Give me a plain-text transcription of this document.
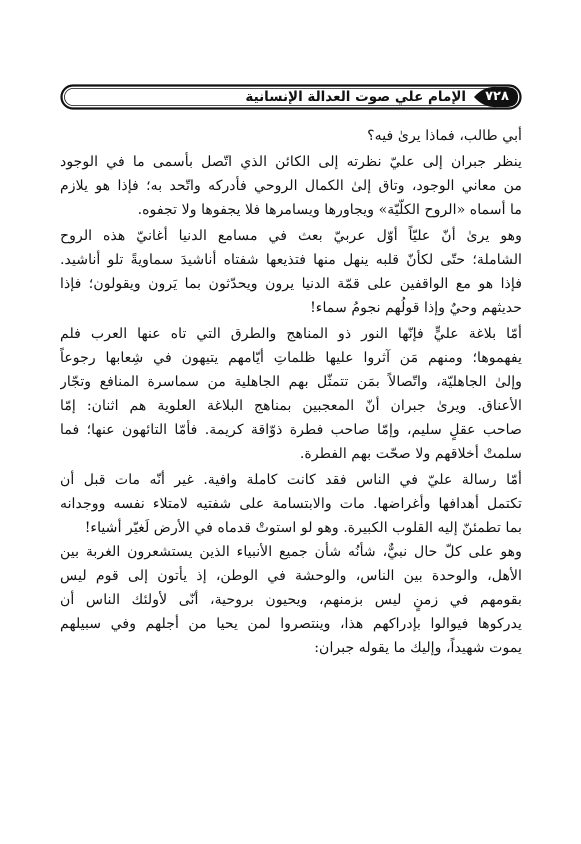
٧٢٨
الإمام علي صوت العدالة الإنسانية

أبي طالب، فماذا يرىٰ فيه؟

ينظر جبران إلى عليّ نظرته إلى الكائن الذي اتّصل بأسمى ما في الوجود
من معاني الوجود، وتاق إلىٰ الكمال الروحي فأدركه واتّحد به؛ فإذا هو يلازم
ما أسماه «الروح الكلّيّة» ويجاورها ويسامرها فلا يجفوها ولا تجفوه.

وهو يرىٰ أنّ عليّاً أوّل عربيّ بعث في مسامع الدنيا أغانيّ هذه الروح
الشاملة؛ حتّى لكأنّ قلبه ينهل منها فتذيعها شفتاه أناشيدَ سماويةً تلو أناشيد.
فإذا هو مع الواقفين على قمّة الدنيا يرون ويحدّثون بما يَرون ويقولون؛ فإذا
حديثهم وحيٌ وإذا قولُهم نجومُ سماء!

أمّا بلاغة عليٍّ فإنّها النور ذو المناهج والطرق التي تاه عنها العرب فلم
يفهموها؛ ومنهم مَن آثروا عليها ظلماتِ أيّامهم يتيهون في شِعابها رجوعاً
وإلىٰ الجاهليّة، واتّصالاً بمَن تتمثّل بهم الجاهلية من سماسرة المنافع وتجّار
الأعناق. ويرىٰ جبران أنّ المعجبين بمناهج البلاغة العلوية هم اثنان: إمّا
صاحب عقلٍ سليم، وإمّا صاحب فطرة ذوّاقة كريمة. فأمّا التائهون عنها؛ فما
سلمتْ أخلاقهم ولا صحّت بهم الفطرة.

أمّا رسالة عليّ في الناس فقد كانت كاملة وافية. غير أنّه مات قبل أن
تكتمل أهدافها وأغراضها. مات والابتسامة على شفتيه لامتلاء نفسه ووجدانه
بما تطمئنّ إليه القلوب الكبيرة. وهو لو استوتْ قدماه في الأرض لَغيّر أشياء!

وهو على كلّ حال نبيٌّ، شأنُه شأن جميع الأنبياء الذين يستشعرون الغربة بين
الأهل، والوحدة بين الناس، والوحشة في الوطن، إذ يأتون إلى قوم ليس
بقومهم في زمنٍ ليس بزمنهم، ويحيون بروحية، أنّى لأولئك الناس أن
يدركوها فيوالوا بإدراكهم هذا، وينتصروا لمن يحيا من أجلهم وفي سبيلهم
يموت شهيداً، وإليك ما يقوله جبران:
